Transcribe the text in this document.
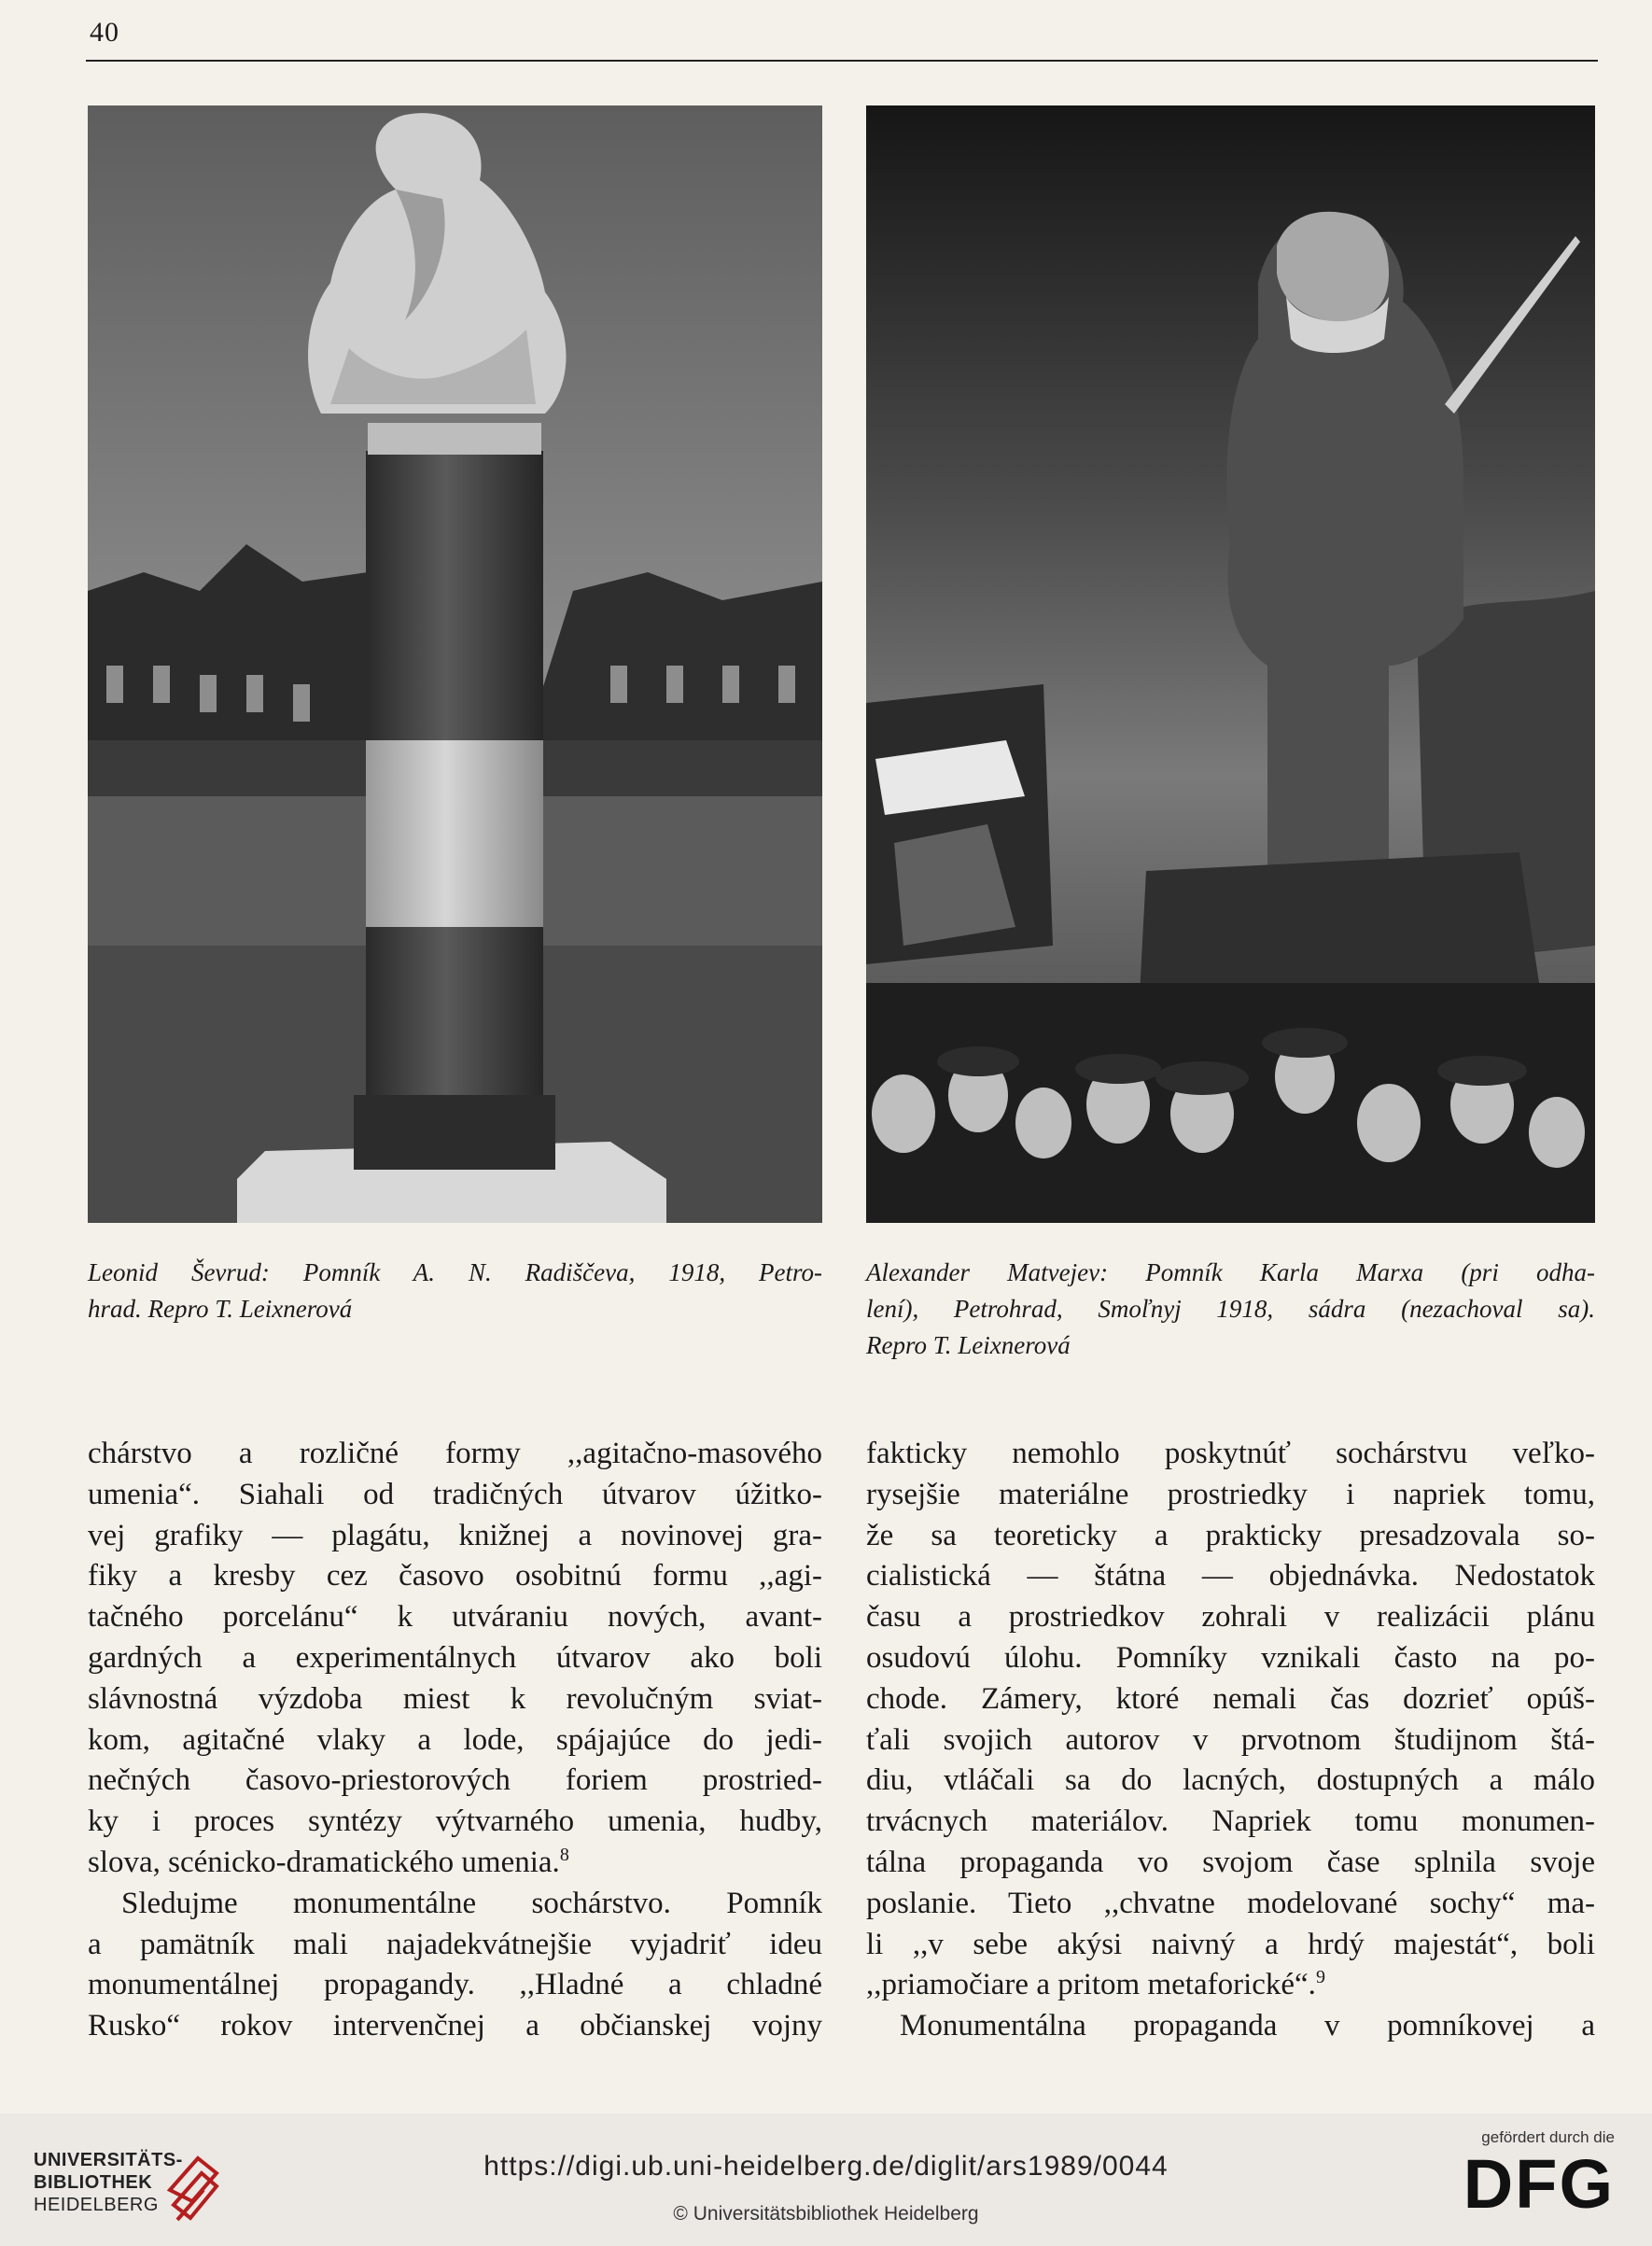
40
Leonid Ševrud: Pomník A. N. Radiščeva, 1918, Petro-
hrad. Repro T. Leixnerová
Alexander Matvejev: Pomník Karla Marxa (pri odha-
lení), Petrohrad, Smoľnyj 1918, sádra (nezachoval sa).
Repro T. Leixnerová
chárstvo a rozličné formy ,,agitačno-masového
umenia“. Siahali od tradičných útvarov úžitko-
vej grafiky — plagátu, knižnej a novinovej gra-
fiky a kresby cez časovo osobitnú formu ,,agi-
tačného porcelánu“ k utváraniu nových, avant-
gardných a experimentálnych útvarov ako boli
slávnostná výzdoba miest k revolučným sviat-
kom, agitačné vlaky a lode, spájajúce do jedi-
nečných časovo-priestorových foriem prostried-
ky i proces syntézy výtvarného umenia, hudby,
slova, scénicko-dramatického umenia.$^8$
Sledujme monumentálne sochárstvo. Pomník
a pamätník mali najadekvátnejšie vyjadriť ideu
monumentálnej propagandy. ,,Hladné a chladné
Rusko“ rokov intervenčnej a občianskej vojny
fakticky nemohlo poskytnúť sochárstvu veľko-
rysejšie materiálne prostriedky i napriek tomu,
že sa teoreticky a prakticky presadzovala so-
cialistická — štátna — objednávka. Nedostatok
času a prostriedkov zohrali v realizácii plánu
osudovú úlohu. Pomníky vznikali často na po-
chode. Zámery, ktoré nemali čas dozrieť opúš-
ťali svojich autorov v prvotnom študijnom štá-
diu, vtláčali sa do lacných, dostupných a málo
trvácnych materiálov. Napriek tomu monumen-
tálna propaganda vo svojom čase splnila svoje
poslanie. Tieto ,,chvatne modelované sochy“ ma-
li ,,v sebe akýsi naivný a hrdý majestát“, boli
,,priamočiare a pritom metaforické“.$^9$
Monumentálna propaganda v pomníkovej a
UNIVERSITÄTS-
BIBLIOTHEK
HEIDELBERG
https://digi.ub.uni-heidelberg.de/diglit/ars1989/0044
© Universitätsbibliothek Heidelberg
gefördert durch die
DFG
